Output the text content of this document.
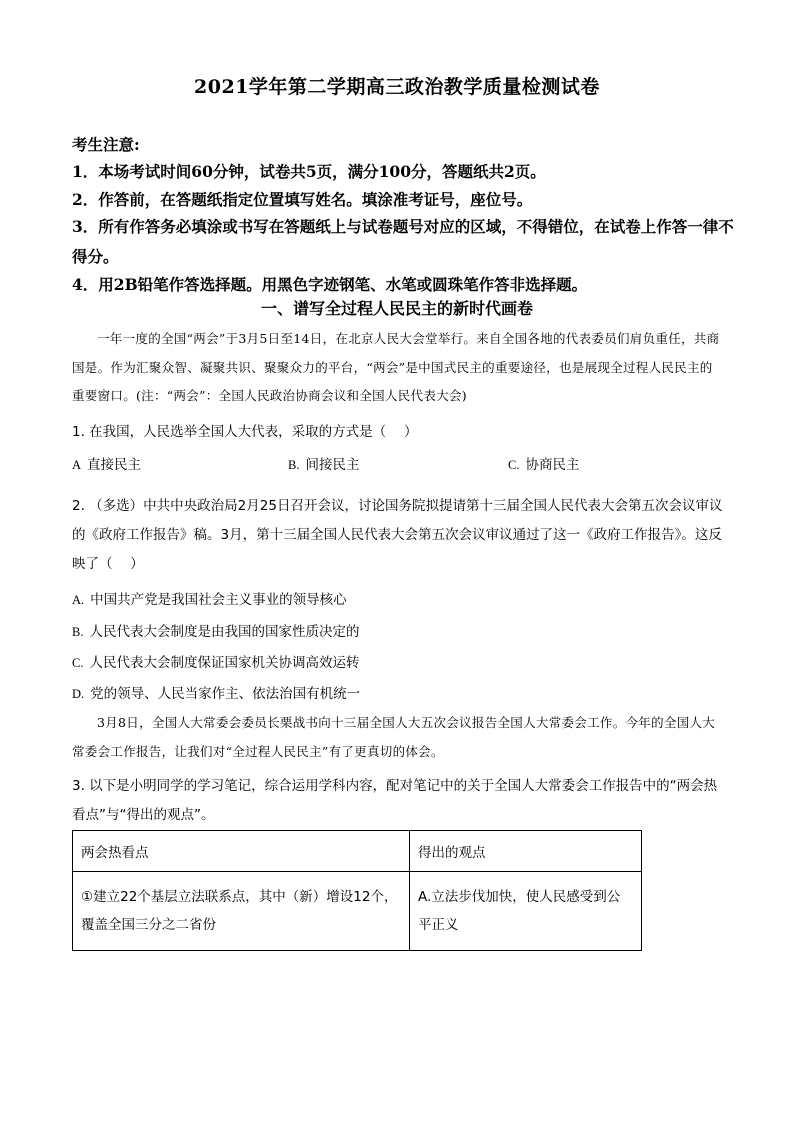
2021学年第二学期高三政治教学质量检测试卷
考生注意:
1．本场考试时间60分钟，试卷共5页，满分100分，答题纸共2页。
2．作答前，在答题纸指定位置填写姓名。填涂准考证号，座位号。
3．所有作答务必填涂或书写在答题纸上与试卷题号对应的区域，不得错位，在试卷上作答一律不得分。
4．用2B铅笔作答选择题。用黑色字迹钢笔、水笔或圆珠笔作答非选择题。
一、谱写全过程人民民主的新时代画卷
一年一度的全国“两会”于3月5日至14日，在北京人民大会堂举行。来自全国各地的代表委员们肩负重任，共商国是。作为汇聚众智、凝聚共识、聚聚众力的平台，“两会”是中国式民主的重要途径，也是展现全过程人民民主的重要窗口。(注：“两会”：全国人民政治协商会议和全国人民代表大会)
1. 在我国，人民选举全国人大代表，采取的方式是（　 ）
A 直接民主	B. 间接民主	C. 协商民主
2. （多选）中共中央政治局2月25日召开会议，讨论国务院拟提请第十三届全国人民代表大会第五次会议审议的《政府工作报告》稿。3月，第十三届全国人民代表大会第五次会议审议通过了这一《政府工作报告》。这反映了（　 ）
A. 中国共产党是我国社会主义事业的领导核心
B. 人民代表大会制度是由我国的国家性质决定的
C. 人民代表大会制度保证国家机关协调高效运转
D. 党的领导、人民当家作主、依法治国有机统一
3月8日，全国人大常委会委员长栗战书向十三届全国人大五次会议报告全国人大常委会工作。今年的全国人大常委会工作报告，让我们对“全过程人民民主”有了更真切的体会。
3. 以下是小明同学的学习笔记，综合运用学科内容，配对笔记中的关于全国人大常委会工作报告中的“两会热看点”与“得出的观点”。
两会热看点	得出的观点
①建立22个基层立法联系点，其中（新）增设12个，覆盖全国三分之二省份	A.立法步伐加快，使人民感受到公平正义
